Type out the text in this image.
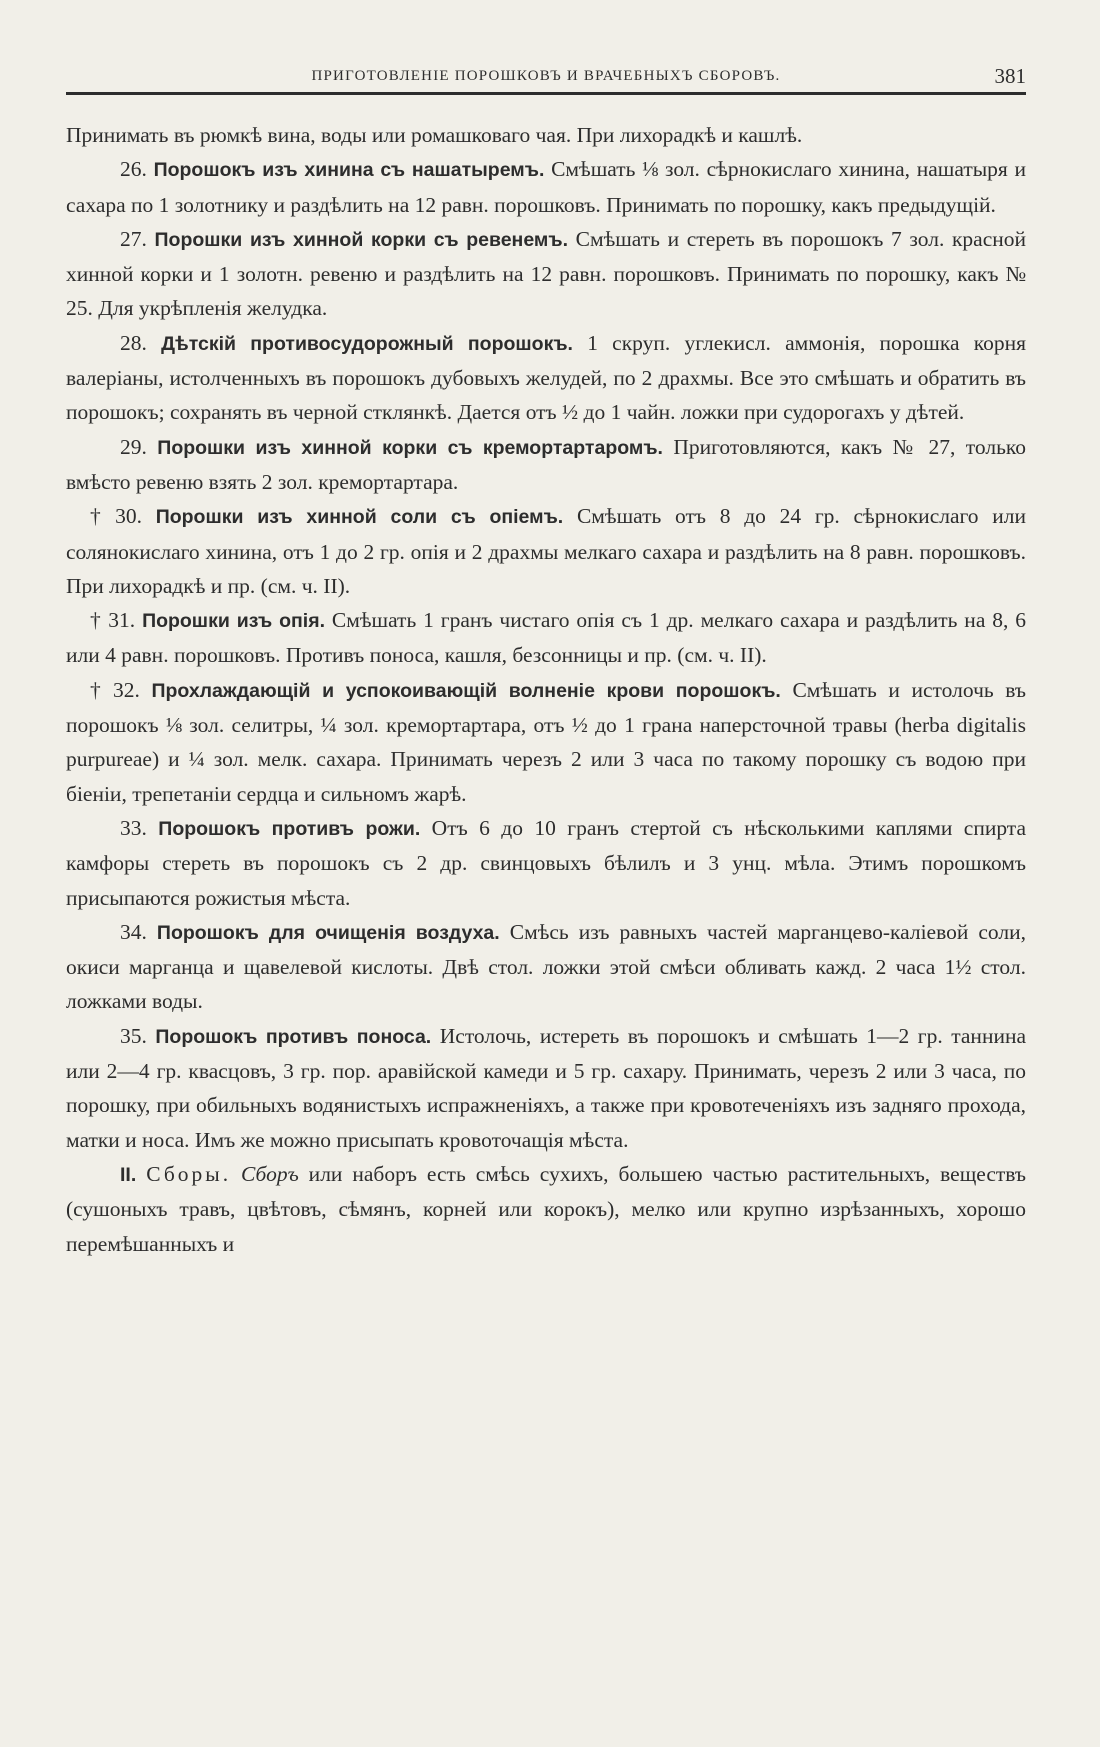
ПРИГОТОВЛЕНІЕ ПОРОШКОВЪ И ВРАЧЕБНЫХЪ СБОРОВЪ.	381

Принимать въ рюмкѣ вина, воды или ромашковаго чая. При лихорадкѣ и кашлѣ.

26. Порошокъ изъ хинина съ нашатыремъ. Смѣшать ⅛ зол. сѣрнокислаго хинина, нашатыря и сахара по 1 золотнику и раздѣлить на 12 равн. порошковъ. Принимать по порошку, какъ предыдущій.

27. Порошки изъ хинной корки съ ревенемъ. Смѣшать и стереть въ порошокъ 7 зол. красной хинной корки и 1 золотн. ревеню и раздѣлить на 12 равн. порошковъ. Принимать по порошку, какъ № 25. Для укрѣпленія желудка.

28. Дѣтскій противосудорожный порошокъ. 1 скруп. углекисл. аммонія, порошка корня валеріаны, истолченныхъ въ порошокъ дубовыхъ желудей, по 2 драхмы. Все это смѣшать и обратить въ порошокъ; сохранять въ черной стклянкѣ. Дается отъ ½ до 1 чайн. ложки при судорогахъ у дѣтей.

29. Порошки изъ хинной корки съ кремортартаромъ. Приготовляются, какъ № 27, только вмѣсто ревеню взять 2 зол. кремортартара.

† 30. Порошки изъ хинной соли съ опіемъ. Смѣшать отъ 8 до 24 гр. сѣрнокислаго или солянокислаго хинина, отъ 1 до 2 гр. опія и 2 драхмы мелкаго сахара и раздѣлить на 8 равн. порошковъ. При лихорадкѣ и пр. (см. ч. II).

† 31. Порошки изъ опія. Смѣшать 1 гранъ чистаго опія съ 1 др. мелкаго сахара и раздѣлить на 8, 6 или 4 равн. порошковъ. Противъ поноса, кашля, безсонницы и пр. (см. ч. II).

† 32. Прохлаждающій и успокоивающій волненіе крови порошокъ. Смѣшать и истолочь въ порошокъ ⅛ зол. селитры, ¼ зол. кремортартара, отъ ½ до 1 грана наперсточной травы (herba digitalis purpureae) и ¼ зол. мелк. сахара. Принимать черезъ 2 или 3 часа по такому порошку съ водою при біеніи, трепетаніи сердца и сильномъ жарѣ.

33. Порошокъ противъ рожи. Отъ 6 до 10 гранъ стертой съ нѣсколькими каплями спирта камфоры стереть въ порошокъ съ 2 др. свинцовыхъ бѣлилъ и 3 унц. мѣла. Этимъ порошкомъ присыпаются рожистыя мѣста.

34. Порошокъ для очищенія воздуха. Смѣсь изъ равныхъ частей марганцево-каліевой соли, окиси марганца и щавелевой кислоты. Двѣ стол. ложки этой смѣси обливать кажд. 2 часа 1½ стол. ложками воды.

35. Порошокъ противъ поноса. Истолочь, истереть въ порошокъ и смѣшать 1—2 гр. таннина или 2—4 гр. квасцовъ, 3 гр. пор. аравійской камеди и 5 гр. сахару. Принимать, черезъ 2 или 3 часа, по порошку, при обильныхъ водянистыхъ испражненіяхъ, а также при кровотеченіяхъ изъ задняго прохода, матки и носа. Имъ же можно присыпать кровоточащія мѣста.

II. Сборы. Сборъ или наборъ есть смѣсь сухихъ, большею частью растительныхъ, веществъ (сушоныхъ травъ, цвѣтовъ, сѣмянъ, корней или корокъ), мелко или крупно изрѣзанныхъ, хорошо перемѣшанныхъ и
